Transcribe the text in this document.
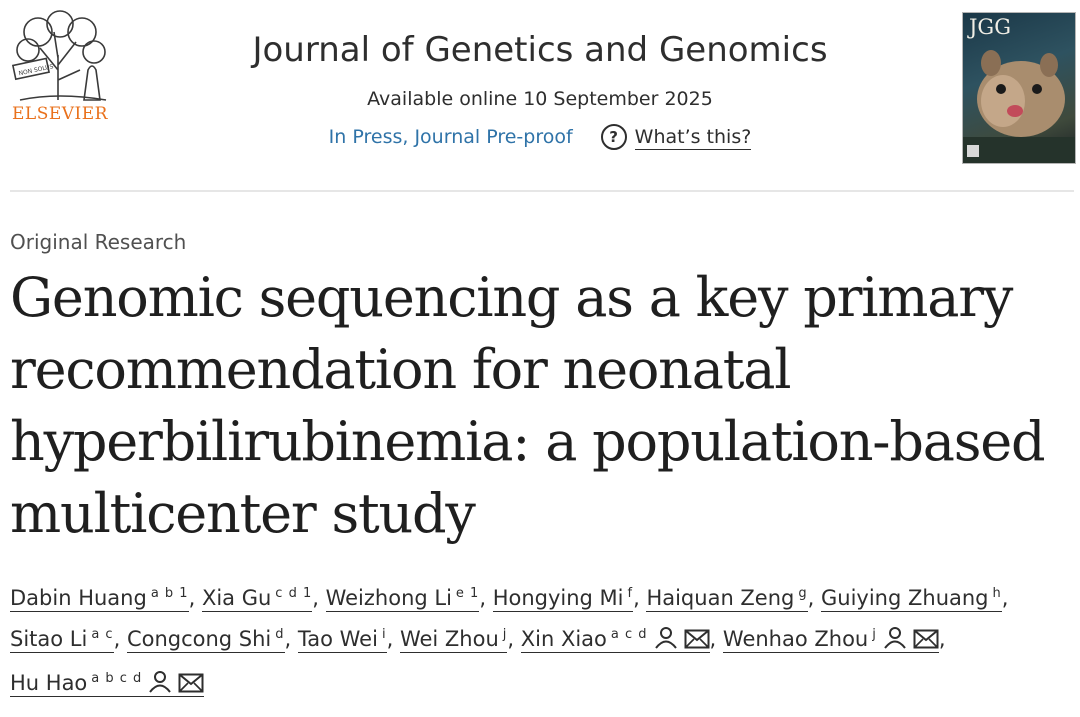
NON SOLUS
ELSEVIER
Journal of Genetics and Genomics
Available online 10 September 2025
In Press, Journal Pre-proof ? What’s this?
JGG
Original Research
Genomic sequencing as a key primary recommendation for neonatal hyperbilirubinemia: a population-based multicenter study
Dabin Huang $^{a b 1}$, Xia Gu $^{c d 1}$, Weizhong Li $^{e 1}$, Hongying Mi $^f$, Haiquan Zeng $^g$, Guiying Zhuang $^h$, Sitao Li $^{a c}$, Congcong Shi $^d$, Tao Wei $^i$, Wei Zhou $^j$, Xin Xiao $^{a c d}$	, Wenhao Zhou $^j$	, Hu Hao $^{a b c d}$
